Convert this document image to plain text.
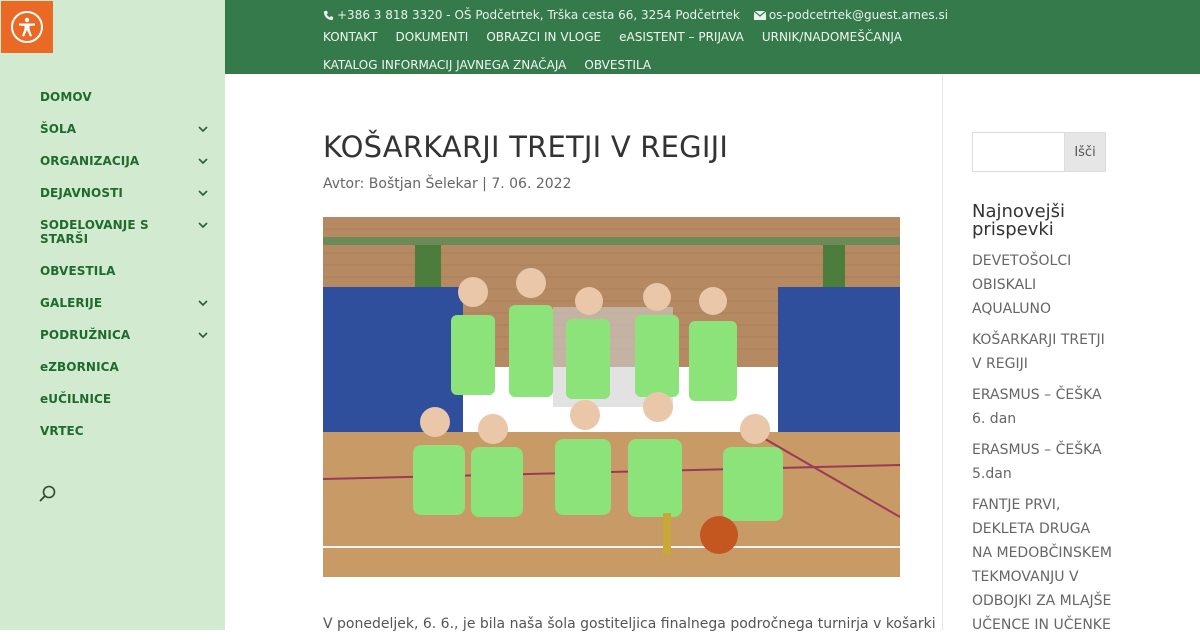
DOMOV
ŠOLA
ORGANIZACIJA
DEJAVNOSTI
SODELOVANJE S STARŠI
OBVESTILA
GALERIJE
PODRUŽNICA
eZBORNICA
eUČILNICE
VRTEC
+386 3 818 3320 - OŠ Podčetrtek, Trška cesta 66, 3254 Podčetrtek os-podcetrtek@guest.arnes.si
KONTAKT DOKUMENTI OBRAZCI IN VLOGE eASISTENT – PRIJAVA URNIK/NADOMEŠČANJA
KATALOG INFORMACIJ JAVNEGA ZNAČAJA OBVESTILA
KOŠARKARJI TRETJI V REGIJI
Avtor: Boštjan Šelekar | 7. 06. 2022
V ponedeljek, 6. 6., je bila naša šola gostiteljica finalnega področnega turnirja v košarki
Išči
Najnovejši prispevki
DEVETOŠOLCI OBISKALI AQUALUNO
KOŠARKARJI TRETJI V REGIJI
ERASMUS – ČEŠKA 6. dan
ERASMUS – ČEŠKA 5.dan
FANTJE PRVI, DEKLETA DRUGA NA MEDOBČINSKEM TEKMOVANJU V ODBOJKI ZA MLAJŠE UČENCE IN UČENKE
